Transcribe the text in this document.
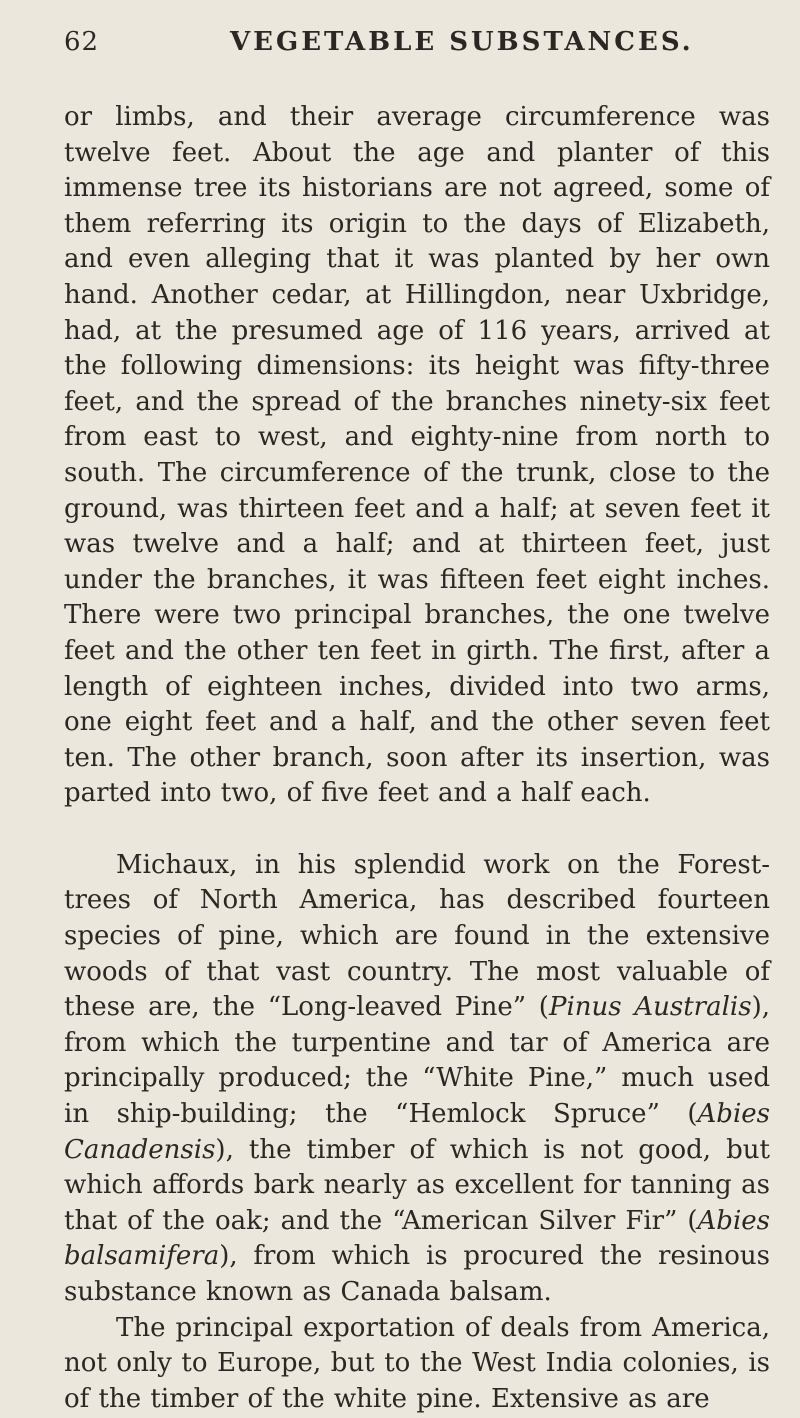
62	VEGETABLE SUBSTANCES.

or limbs, and their average circumference was twelve feet. About the age and planter of this immense tree its historians are not agreed, some of them referring its origin to the days of Elizabeth, and even alleging that it was planted by her own hand. Another cedar, at Hillingdon, near Uxbridge, had, at the presumed age of 116 years, arrived at the following dimensions: its height was fifty-three feet, and the spread of the branches ninety-six feet from east to west, and eighty-nine from north to south. The circumference of the trunk, close to the ground, was thirteen feet and a half; at seven feet it was twelve and a half; and at thirteen feet, just under the branches, it was fifteen feet eight inches. There were two principal branches, the one twelve feet and the other ten feet in girth. The first, after a length of eighteen inches, divided into two arms, one eight feet and a half, and the other seven feet ten. The other branch, soon after its insertion, was parted into two, of five feet and a half each.

Michaux, in his splendid work on the Forest-trees of North America, has described fourteen species of pine, which are found in the extensive woods of that vast country. The most valuable of these are, the “Long-leaved Pine” (Pinus Australis), from which the turpentine and tar of America are principally produced; the “White Pine,” much used in ship-building; the “Hemlock Spruce” (Abies Canadensis), the timber of which is not good, but which affords bark nearly as excellent for tanning as that of the oak; and the “American Silver Fir” (Abies balsamifera), from which is procured the resinous substance known as Canada balsam.

The principal exportation of deals from America, not only to Europe, but to the West India colonies, is of the timber of the white pine. Extensive as are
